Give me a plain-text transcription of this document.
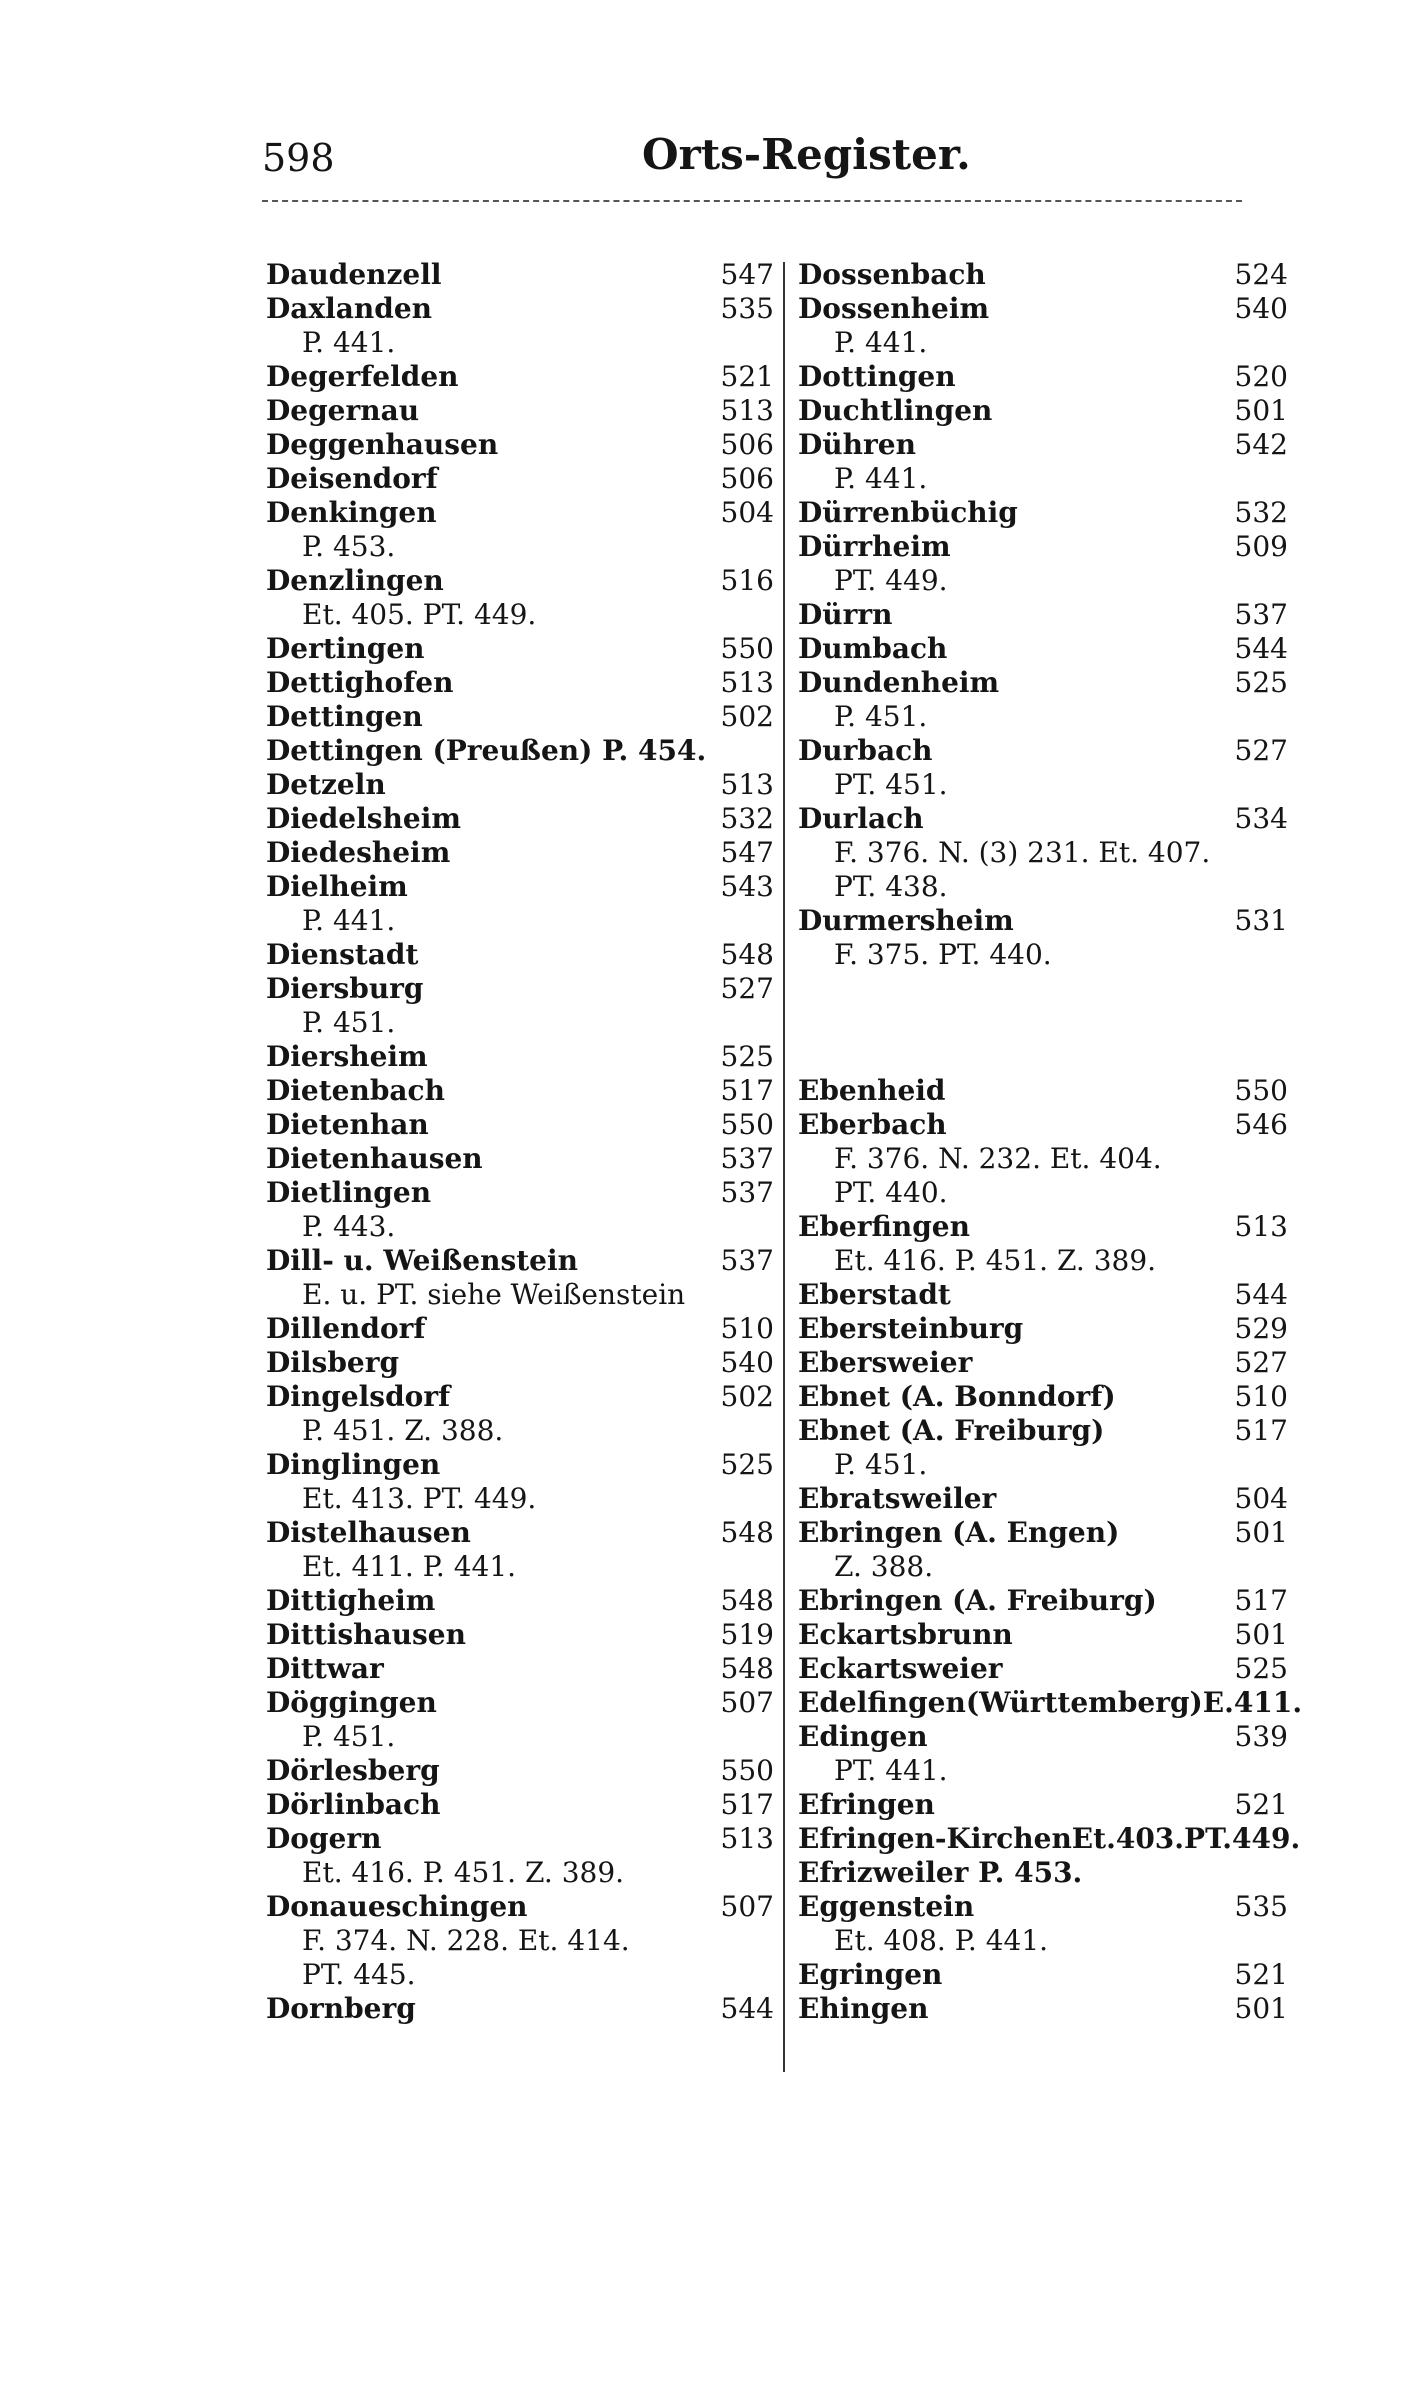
598	Orts-Register.
Daudenzell	547
Daxlanden	535
P. 441.
Degerfelden	521
Degernau	513
Deggenhausen	506
Deisendorf	506
Denkingen	504
P. 453.
Denzlingen	516
Et. 405. PT. 449.
Dertingen	550
Dettighofen	513
Dettingen	502
Dettingen (Preußen) P. 454.
Detzeln	513
Diedelsheim	532
Diedesheim	547
Dielheim	543
P. 441.
Dienstadt	548
Diersburg	527
P. 451.
Diersheim	525
Dietenbach	517
Dietenhan	550
Dietenhausen	537
Dietlingen	537
P. 443.
Dill- u. Weißenstein	537
E. u. PT. siehe Weißenstein
Dillendorf	510
Dilsberg	540
Dingelsdorf	502
P. 451. Z. 388.
Dinglingen	525
Et. 413. PT. 449.
Distelhausen	548
Et. 411. P. 441.
Dittigheim	548
Dittishausen	519
Dittwar	548
Döggingen	507
P. 451.
Dörlesberg	550
Dörlinbach	517
Dogern	513
Et. 416. P. 451. Z. 389.
Donaueschingen	507
F. 374. N. 228. Et. 414.
PT. 445.
Dornberg	544
Dossenbach	524
Dossenheim	540
P. 441.
Dottingen	520
Duchtlingen	501
Dühren	542
P. 441.
Dürrenbüchig	532
Dürrheim	509
PT. 449.
Dürrn	537
Dumbach	544
Dundenheim	525
P. 451.
Durbach	527
PT. 451.
Durlach	534
F. 376. N. (3) 231. Et. 407.
PT. 438.
Durmersheim	531
F. 375. PT. 440.
Ebenheid	550
Eberbach	546
F. 376. N. 232. Et. 404.
PT. 440.
Eberfingen	513
Et. 416. P. 451. Z. 389.
Eberstadt	544
Ebersteinburg	529
Ebersweier	527
Ebnet (A. Bonndorf)	510
Ebnet (A. Freiburg)	517
P. 451.
Ebratsweiler	504
Ebringen (A. Engen)	501
Z. 388.
Ebringen (A. Freiburg)	517
Eckartsbrunn	501
Eckartsweier	525
Edelfingen(Württemberg)E.411.
Edingen	539
PT. 441.
Efringen	521
Efringen-KirchenEt.403.PT.449.
Efrizweiler P. 453.
Eggenstein	535
Et. 408. P. 441.
Egringen	521
Ehingen	501
